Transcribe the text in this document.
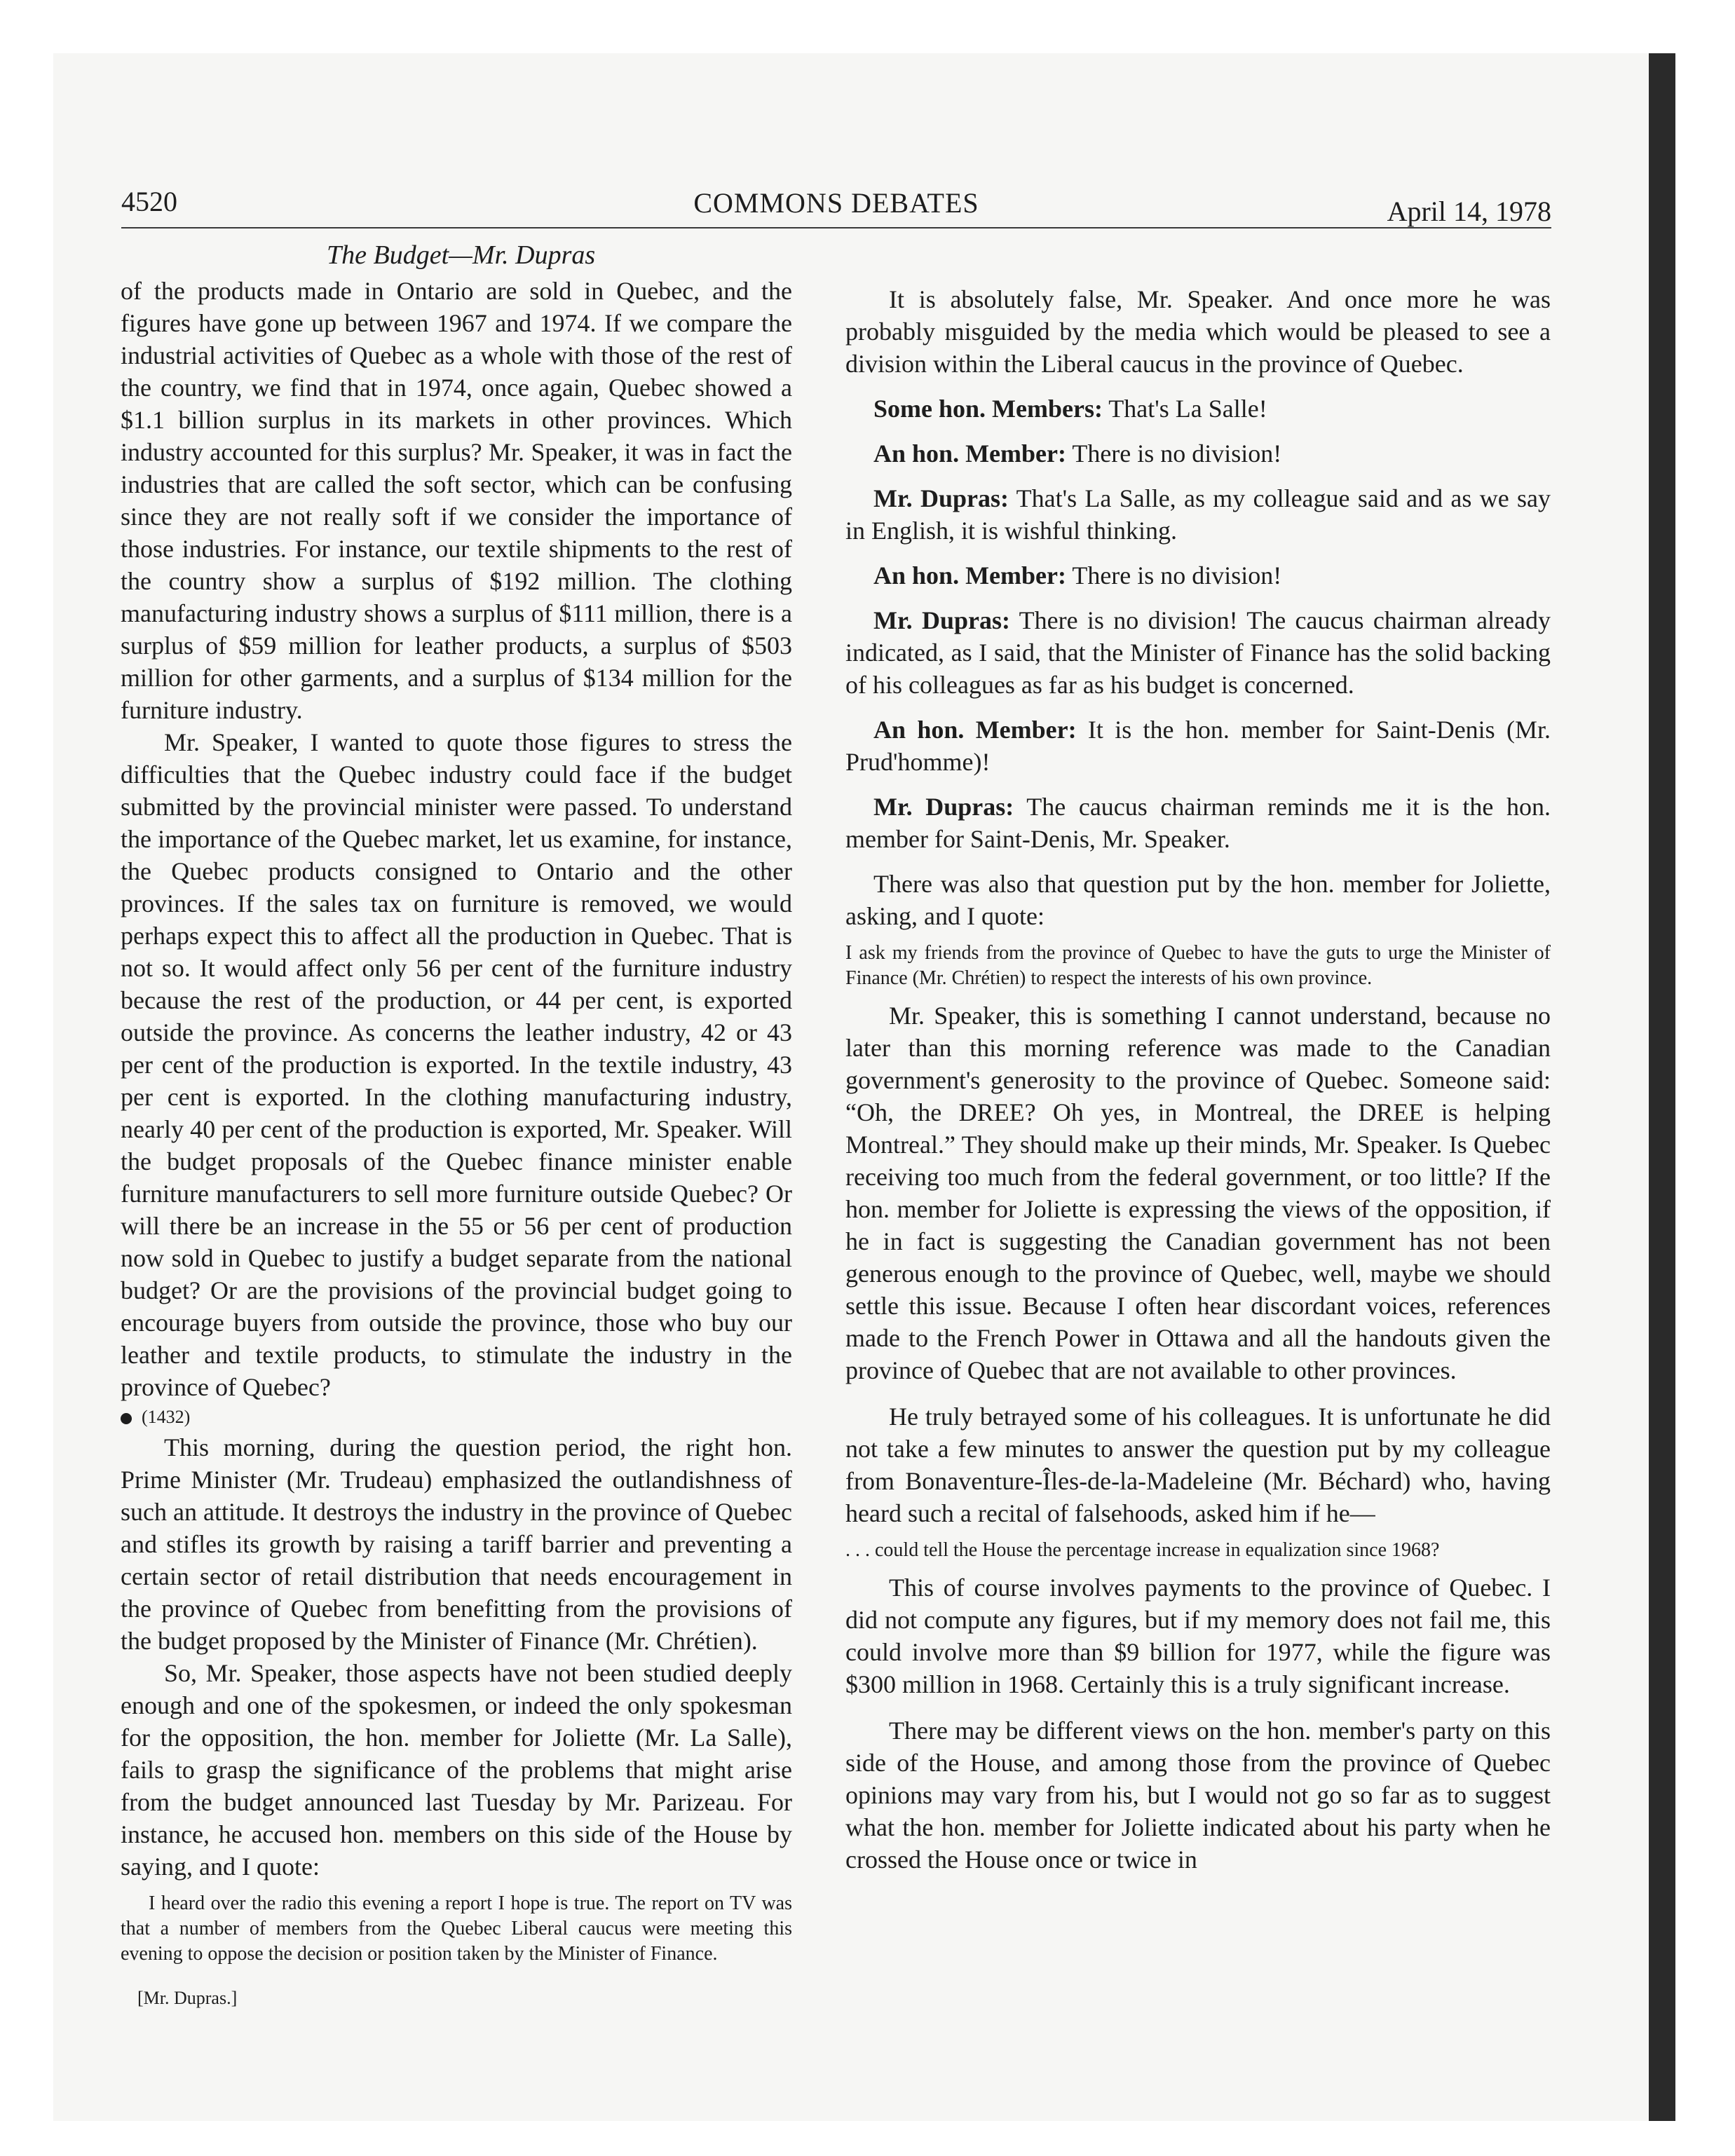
4520	COMMONS DEBATES	April 14, 1978
The Budget—Mr. Dupras

of the products made in Ontario are sold in Quebec, and the figures have gone up between 1967 and 1974. If we compare the industrial activities of Quebec as a whole with those of the rest of the country, we find that in 1974, once again, Quebec showed a $1.1 billion surplus in its markets in other provinces. Which industry accounted for this surplus? Mr. Speaker, it was in fact the industries that are called the soft sector, which can be confusing since they are not really soft if we consider the importance of those industries. For instance, our textile shipments to the rest of the country show a surplus of $192 million. The clothing manufacturing industry shows a surplus of $111 million, there is a surplus of $59 million for leather products, a surplus of $503 million for other garments, and a surplus of $134 million for the furniture industry.

Mr. Speaker, I wanted to quote those figures to stress the difficulties that the Quebec industry could face if the budget submitted by the provincial minister were passed. To understand the importance of the Quebec market, let us examine, for instance, the Quebec products consigned to Ontario and the other provinces. If the sales tax on furniture is removed, we would perhaps expect this to affect all the production in Quebec. That is not so. It would affect only 56 per cent of the furniture industry because the rest of the production, or 44 per cent, is exported outside the province. As concerns the leather industry, 42 or 43 per cent of the production is exported. In the textile industry, 43 per cent is exported. In the clothing manufacturing industry, nearly 40 per cent of the production is exported, Mr. Speaker. Will the budget proposals of the Quebec finance minister enable furniture manufacturers to sell more furniture outside Quebec? Or will there be an increase in the 55 or 56 per cent of production now sold in Quebec to justify a budget separate from the national budget? Or are the provisions of the provincial budget going to encourage buyers from outside the province, those who buy our leather and textile products, to stimulate the industry in the province of Quebec?

(1432)

This morning, during the question period, the right hon. Prime Minister (Mr. Trudeau) emphasized the outlandishness of such an attitude. It destroys the industry in the province of Quebec and stifles its growth by raising a tariff barrier and preventing a certain sector of retail distribution that needs encouragement in the province of Quebec from benefitting from the provisions of the budget proposed by the Minister of Finance (Mr. Chrétien).

So, Mr. Speaker, those aspects have not been studied deeply enough and one of the spokesmen, or indeed the only spokesman for the opposition, the hon. member for Joliette (Mr. La Salle), fails to grasp the significance of the problems that might arise from the budget announced last Tuesday by Mr. Parizeau. For instance, he accused hon. members on this side of the House by saying, and I quote:

I heard over the radio this evening a report I hope is true. The report on TV was that a number of members from the Quebec Liberal caucus were meeting this evening to oppose the decision or position taken by the Minister of Finance.

[Mr. Dupras.]

It is absolutely false, Mr. Speaker. And once more he was probably misguided by the media which would be pleased to see a division within the Liberal caucus in the province of Quebec.

Some hon. Members: That's La Salle!

An hon. Member: There is no division!

Mr. Dupras: That's La Salle, as my colleague said and as we say in English, it is wishful thinking.

An hon. Member: There is no division!

Mr. Dupras: There is no division! The caucus chairman already indicated, as I said, that the Minister of Finance has the solid backing of his colleagues as far as his budget is concerned.

An hon. Member: It is the hon. member for Saint-Denis (Mr. Prud'homme)!

Mr. Dupras: The caucus chairman reminds me it is the hon. member for Saint-Denis, Mr. Speaker.

There was also that question put by the hon. member for Joliette, asking, and I quote:

I ask my friends from the province of Quebec to have the guts to urge the Minister of Finance (Mr. Chrétien) to respect the interests of his own province.

Mr. Speaker, this is something I cannot understand, because no later than this morning reference was made to the Canadian government's generosity to the province of Quebec. Someone said: “Oh, the DREE? Oh yes, in Montreal, the DREE is helping Montreal.” They should make up their minds, Mr. Speaker. Is Quebec receiving too much from the federal government, or too little? If the hon. member for Joliette is expressing the views of the opposition, if he in fact is suggesting the Canadian government has not been generous enough to the province of Quebec, well, maybe we should settle this issue. Because I often hear discordant voices, references made to the French Power in Ottawa and all the handouts given the province of Quebec that are not available to other provinces.

He truly betrayed some of his colleagues. It is unfortunate he did not take a few minutes to answer the question put by my colleague from Bonaventure-Îles-de-la-Madeleine (Mr. Béchard) who, having heard such a recital of falsehoods, asked him if he—

. . . could tell the House the percentage increase in equalization since 1968?

This of course involves payments to the province of Quebec. I did not compute any figures, but if my memory does not fail me, this could involve more than $9 billion for 1977, while the figure was $300 million in 1968. Certainly this is a truly significant increase.

There may be different views on the hon. member's party on this side of the House, and among those from the province of Quebec opinions may vary from his, but I would not go so far as to suggest what the hon. member for Joliette indicated about his party when he crossed the House once or twice in
